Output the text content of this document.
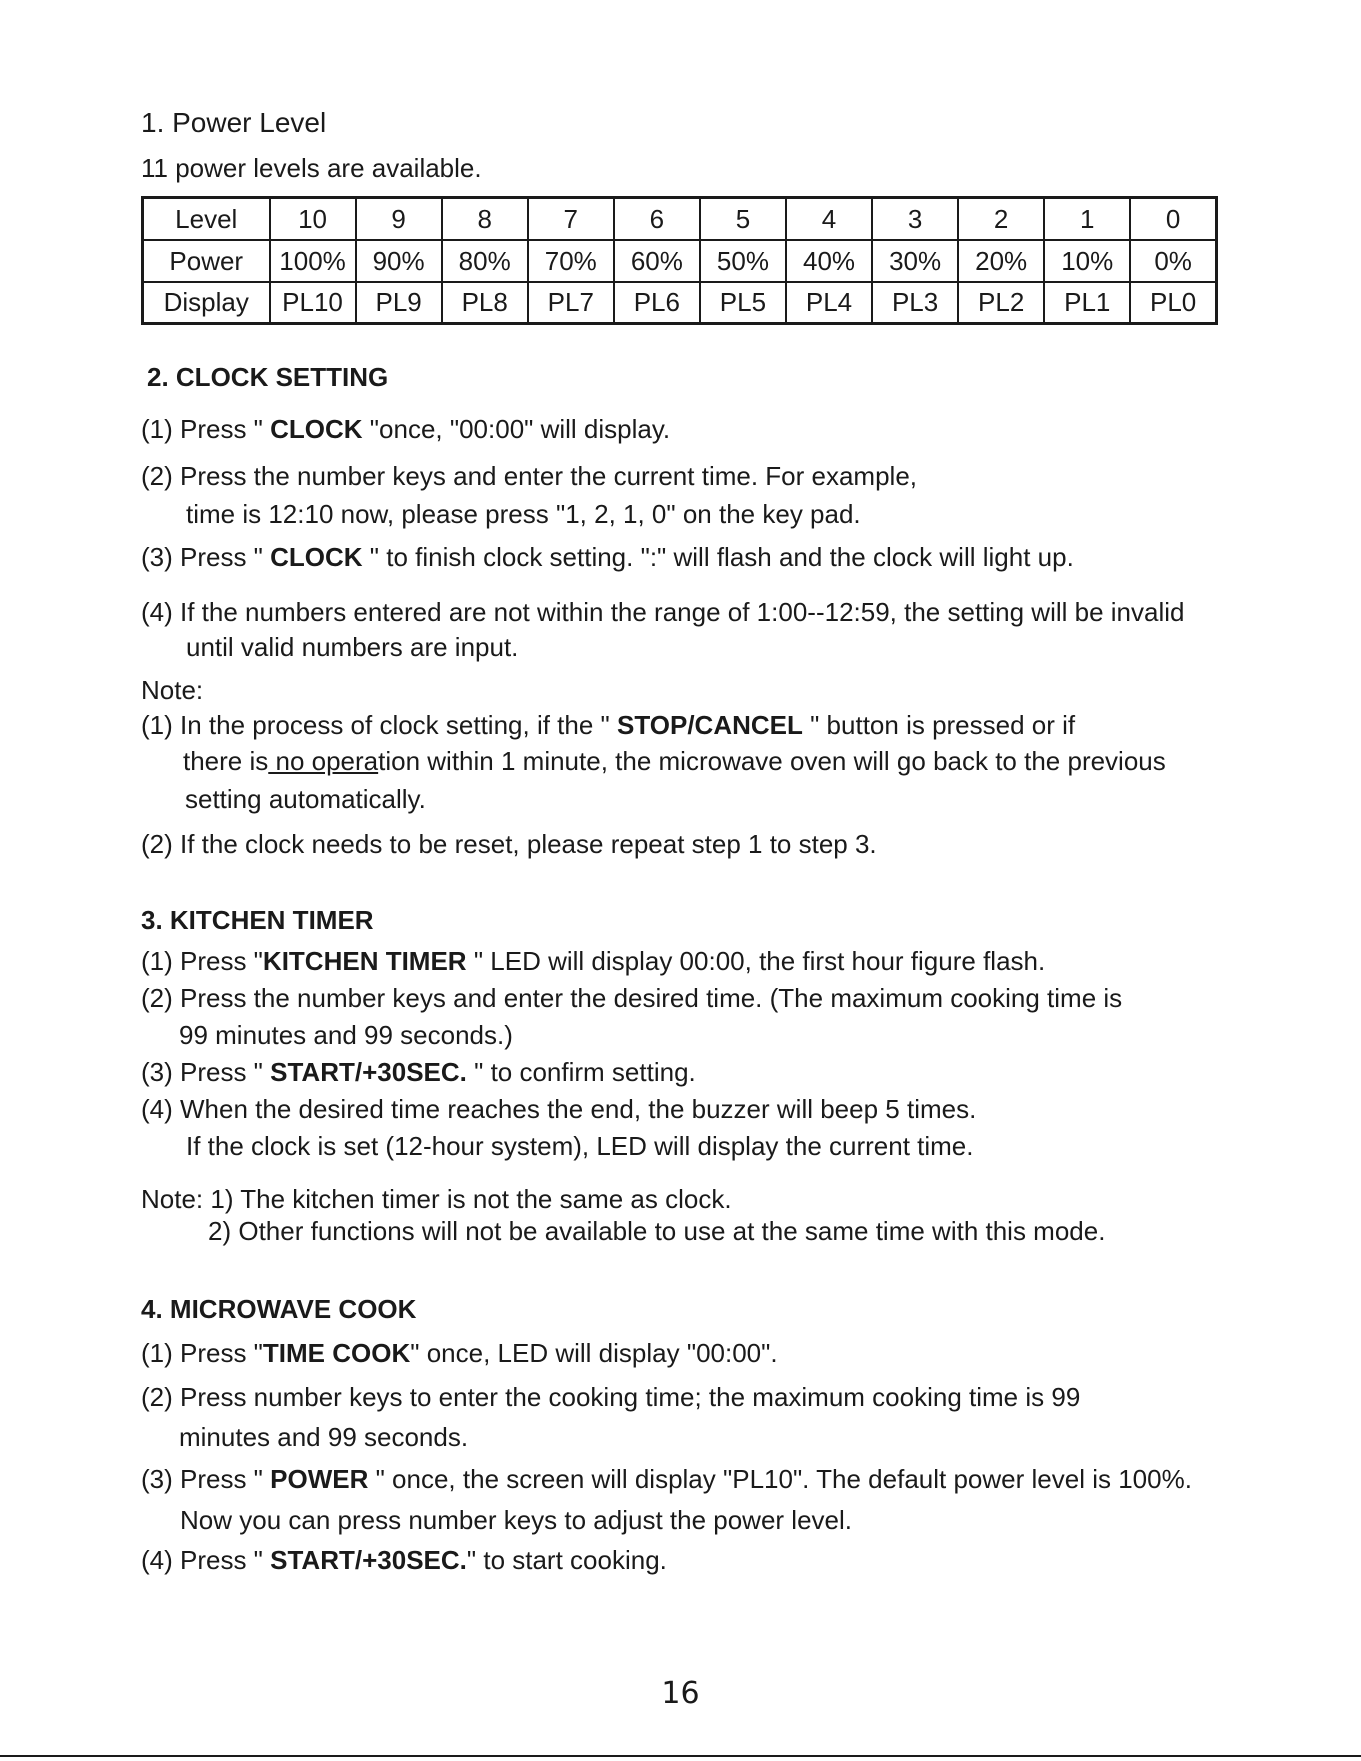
1. Power Level
11 power levels are available.
Level	10	9	8	7	6	5	4	3	2	1	0
Power	100%	90%	80%	70%	60%	50%	40%	30%	20%	10%	0%
Display	PL10	PL9	PL8	PL7	PL6	PL5	PL4	PL3	PL2	PL1	PL0
2. CLOCK SETTING
(1) Press " CLOCK "once, "00:00" will display.
(2) Press the number keys and enter the current time. For example,
time is 12:10 now, please press "1, 2, 1, 0" on the key pad.
(3) Press " CLOCK " to finish clock setting. ":" will flash and the clock will light up.
(4) If the numbers entered are not within the range of 1:00--12:59, the setting will be invalid
until valid numbers are input.
Note:
(1) In the process of clock setting, if the " STOP/CANCEL " button is pressed or if
there is no operation within 1 minute, the microwave oven will go back to the previous
setting automatically.
(2) If the clock needs to be reset, please repeat step 1 to step 3.
3. KITCHEN TIMER
(1) Press "KITCHEN TIMER " LED will display 00:00, the first hour figure flash.
(2) Press the number keys and enter the desired time. (The maximum cooking time is
99 minutes and 99 seconds.)
(3) Press " START/+30SEC. " to confirm setting.
(4) When the desired time reaches the end, the buzzer will beep 5 times.
If the clock is set (12-hour system), LED will display the current time.
Note: 1) The kitchen timer is not the same as clock.
2) Other functions will not be available to use at the same time with this mode.
4. MICROWAVE COOK
(1) Press "TIME COOK" once, LED will display "00:00".
(2) Press number keys to enter the cooking time; the maximum cooking time is 99
minutes and 99 seconds.
(3) Press " POWER " once, the screen will display "PL10". The default power level is 100%.
Now you can press number keys to adjust the power level.
(4) Press " START/+30SEC." to start cooking.
16
